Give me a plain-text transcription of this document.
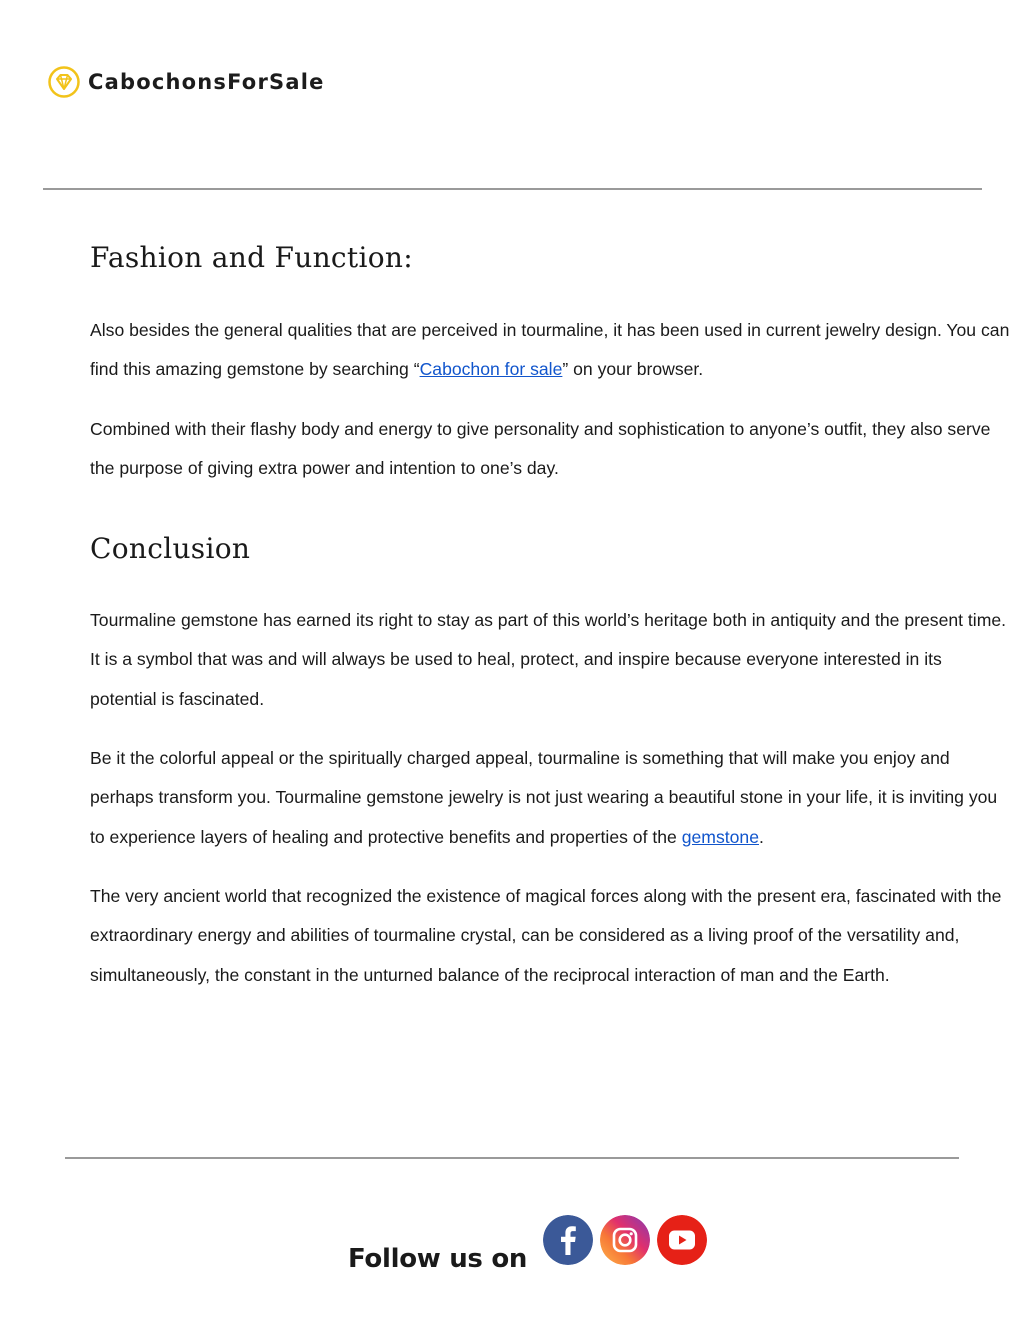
CabochonsForSale
Fashion and Function:

Also besides the general qualities that are perceived in tourmaline, it has been used in current jewelry design. You can find this amazing gemstone by searching “Cabochon for sale” on your browser.

Combined with their flashy body and energy to give personality and sophistication to anyone’s outfit, they also serve the purpose of giving extra power and intention to one’s day.

Conclusion

Tourmaline gemstone has earned its right to stay as part of this world’s heritage both in antiquity and the present time. It is a symbol that was and will always be used to heal, protect, and inspire because everyone interested in its potential is fascinated.

Be it the colorful appeal or the spiritually charged appeal, tourmaline is something that will make you enjoy and perhaps transform you. Tourmaline gemstone jewelry is not just wearing a beautiful stone in your life, it is inviting you to experience layers of healing and protective benefits and properties of the gemstone.

The very ancient world that recognized the existence of magical forces along with the present era, fascinated with the extraordinary energy and abilities of tourmaline crystal, can be considered as a living proof of the versatility and, simultaneously, the constant in the unturned balance of the reciprocal interaction of man and the Earth.

Follow us on
